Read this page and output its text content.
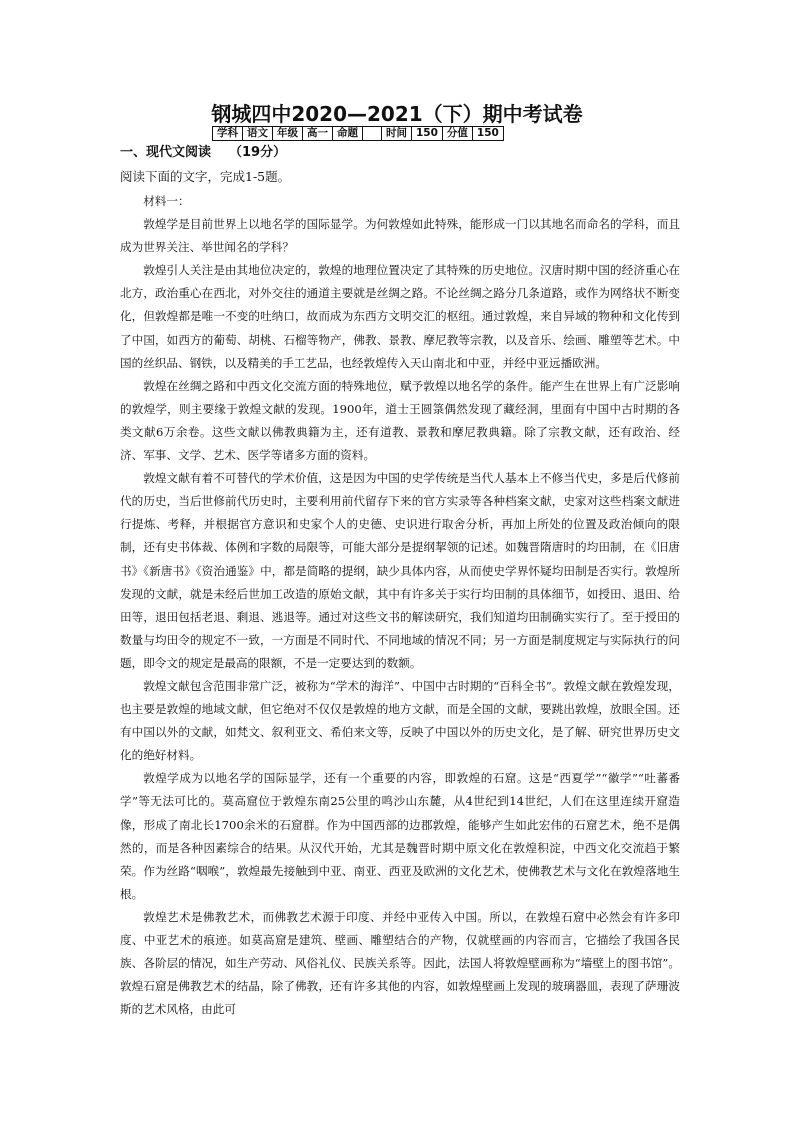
钢城四中2020—2021（下）期中考试卷
学科	语文	年级	高一	命题		时间	150	分值	150
一、现代文阅读 （19分）

阅读下面的文字，完成1-5题。

材料一：

敦煌学是目前世界上以地名学的国际显学。为何敦煌如此特殊，能形成一门以其地名而命名的学科，而且成为世界关注、举世闻名的学科？

敦煌引人关注是由其地位决定的，敦煌的地理位置决定了其特殊的历史地位。汉唐时期中国的经济重心在北方，政治重心在西北，对外交往的通道主要就是丝绸之路。不论丝绸之路分几条道路，或作为网络状不断变化，但敦煌都是唯一不变的吐纳口，故而成为东西方文明交汇的枢纽。通过敦煌，来自异域的物种和文化传到了中国，如西方的葡萄、胡桃、石榴等物产，佛教、景教、摩尼教等宗教，以及音乐、绘画、雕塑等艺术。中国的丝织品、钢铁，以及精美的手工艺品，也经敦煌传入天山南北和中亚，并经中亚远播欧洲。

敦煌在丝绸之路和中西文化交流方面的特殊地位，赋予敦煌以地名学的条件。能产生在世界上有广泛影响的敦煌学，则主要缘于敦煌文献的发现。1900年，道士王圆箓偶然发现了藏经洞，里面有中国中古时期的各类文献6万余卷。这些文献以佛教典籍为主，还有道教、景教和摩尼教典籍。除了宗教文献，还有政治、经济、军事、文学、艺术、医学等诸多方面的资料。

敦煌文献有着不可替代的学术价值，这是因为中国的史学传统是当代人基本上不修当代史，多是后代修前代的历史，当后世修前代历史时，主要利用前代留存下来的官方实录等各种档案文献，史家对这些档案文献进行提炼、考释，并根据官方意识和史家个人的史德、史识进行取舍分析，再加上所处的位置及政治倾向的限制，还有史书体裁、体例和字数的局限等，可能大部分是提纲挈领的记述。如魏晋隋唐时的均田制，在《旧唐书》《新唐书》《资治通鉴》中，都是简略的提纲，缺少具体内容，从而使史学界怀疑均田制是否实行。敦煌所发现的文献，就是未经后世加工改造的原始文献，其中有许多关于实行均田制的具体细节，如授田、退田、给田等，退田包括老退、剩退、逃退等。通过对这些文书的解读研究，我们知道均田制确实实行了。至于授田的数量与均田令的规定不一致，一方面是不同时代、不同地域的情况不同；另一方面是制度规定与实际执行的问题，即令文的规定是最高的限额，不是一定要达到的数额。

敦煌文献包含范围非常广泛，被称为“学术的海洋”、中国中古时期的“百科全书”。敦煌文献在敦煌发现，也主要是敦煌的地域文献，但它绝对不仅仅是敦煌的地方文献，而是全国的文献，要跳出敦煌，放眼全国。还有中国以外的文献，如梵文、叙利亚文、希伯来文等，反映了中国以外的历史文化，是了解、研究世界历史文化的绝好材料。

敦煌学成为以地名学的国际显学，还有一个重要的内容，即敦煌的石窟。这是“西夏学”“徽学”“吐蕃番学”等无法可比的。莫高窟位于敦煌东南25公里的鸣沙山东麓，从4世纪到14世纪，人们在这里连续开窟造像，形成了南北长1700余米的石窟群。作为中国西部的边郡敦煌，能够产生如此宏伟的石窟艺术，绝不是偶然的，而是各种因素综合的结果。从汉代开始，尤其是魏晋时期中原文化在敦煌积淀，中西文化交流趋于繁荣。作为丝路“咽喉”，敦煌最先接触到中亚、南亚、西亚及欧洲的文化艺术，使佛教艺术与文化在敦煌落地生根。

敦煌艺术是佛教艺术，而佛教艺术源于印度、并经中亚传入中国。所以，在敦煌石窟中必然会有许多印度、中亚艺术的痕迹。如莫高窟是建筑、壁画、雕塑结合的产物，仅就壁画的内容而言，它描绘了我国各民族、各阶层的情况，如生产劳动、风俗礼仪、民族关系等。因此，法国人将敦煌壁画称为“墙壁上的图书馆”。敦煌石窟是佛教艺术的结晶，除了佛教，还有许多其他的内容，如敦煌壁画上发现的玻璃器皿，表现了萨珊波斯的艺术风格，由此可
